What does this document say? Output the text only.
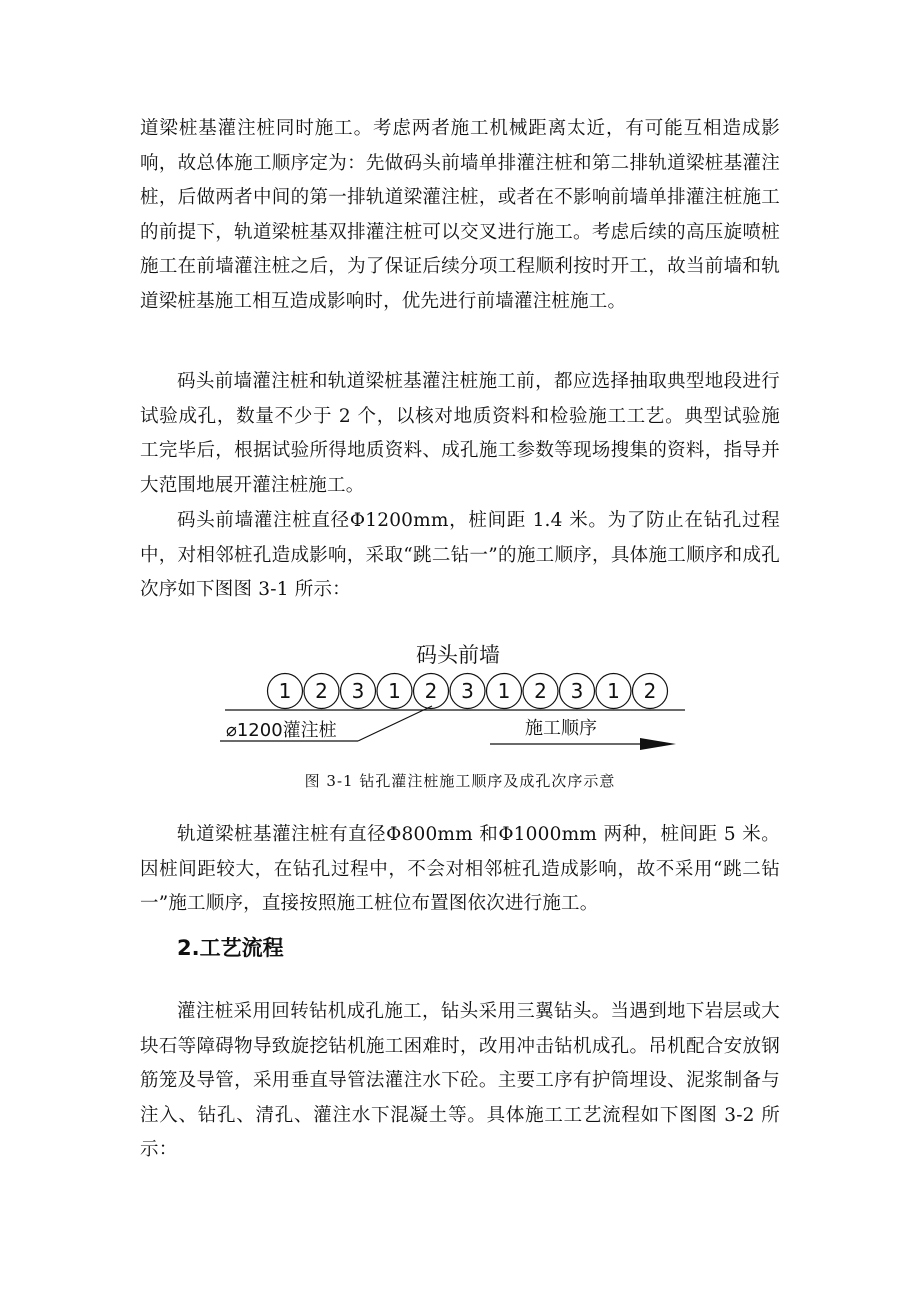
道梁桩基灌注桩同时施工。考虑两者施工机械距离太近，有可能互相造成影响，故总体施工顺序定为：先做码头前墙单排灌注桩和第二排轨道梁桩基灌注桩，后做两者中间的第一排轨道梁灌注桩，或者在不影响前墙单排灌注桩施工的前提下，轨道梁桩基双排灌注桩可以交叉进行施工。考虑后续的高压旋喷桩施工在前墙灌注桩之后，为了保证后续分项工程顺利按时开工，故当前墙和轨道梁桩基施工相互造成影响时，优先进行前墙灌注桩施工。

码头前墙灌注桩和轨道梁桩基灌注桩施工前，都应选择抽取典型地段进行试验成孔，数量不少于 2 个，以核对地质资料和检验施工工艺。典型试验施工完毕后，根据试验所得地质资料、成孔施工参数等现场搜集的资料，指导并大范围地展开灌注桩施工。

码头前墙灌注桩直径Φ1200mm，桩间距 1.4 米。为了防止在钻孔过程中，对相邻桩孔造成影响，采取“跳二钻一”的施工顺序，具体施工顺序和成孔次序如下图图 3-1 所示：

码头前墙
1 2 3 1 2 3 1 2 3 1 2
⌀1200灌注桩	施工顺序
图 3-1 钻孔灌注桩施工顺序及成孔次序示意

轨道梁桩基灌注桩有直径Φ800mm 和Φ1000mm 两种，桩间距 5 米。因桩间距较大，在钻孔过程中，不会对相邻桩孔造成影响，故不采用“跳二钻一”施工顺序，直接按照施工桩位布置图依次进行施工。

2.工艺流程

灌注桩采用回转钻机成孔施工，钻头采用三翼钻头。当遇到地下岩层或大块石等障碍物导致旋挖钻机施工困难时，改用冲击钻机成孔。吊机配合安放钢筋笼及导管，采用垂直导管法灌注水下砼。主要工序有护筒埋设、泥浆制备与注入、钻孔、清孔、灌注水下混凝土等。具体施工工艺流程如下图图 3-2 所示：
